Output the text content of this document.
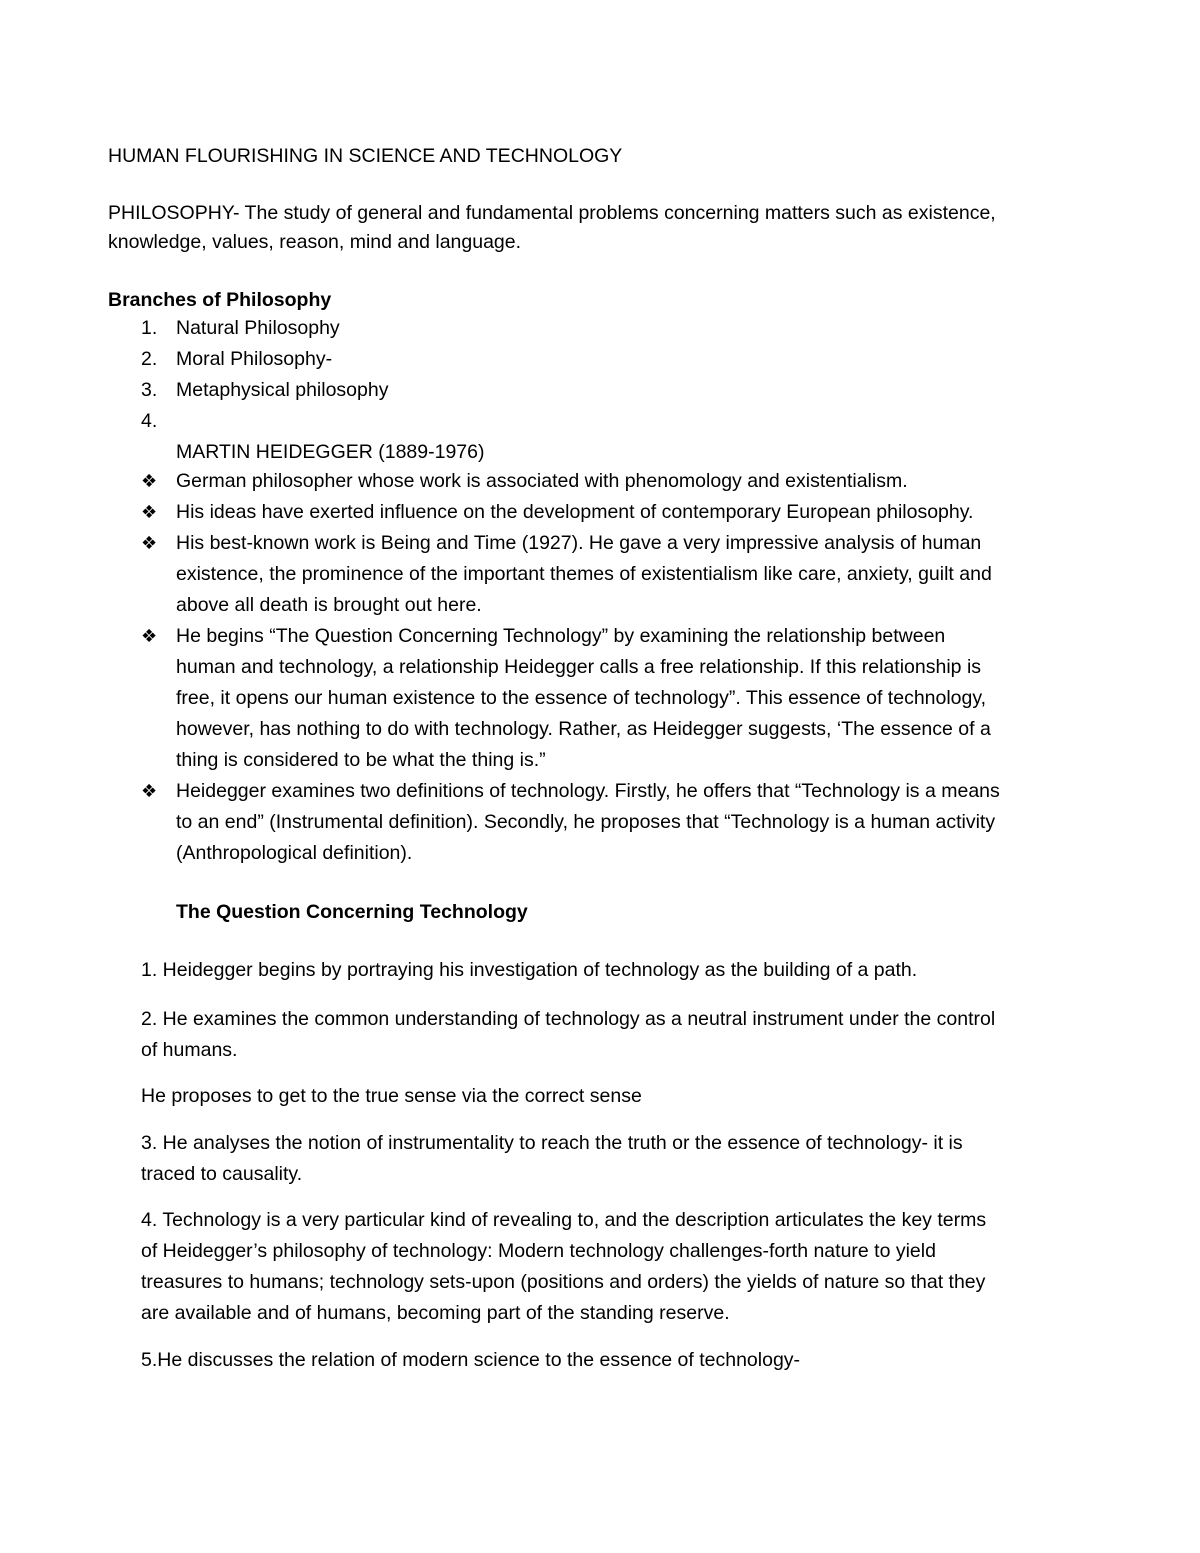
HUMAN FLOURISHING IN SCIENCE AND TECHNOLOGY
PHILOSOPHY- The study of general and fundamental problems concerning matters such as existence,
knowledge, values, reason, mind and language.
Branches of Philosophy
1. Natural Philosophy
2. Moral Philosophy-
3. Metaphysical philosophy
4.
MARTIN HEIDEGGER (1889-1976)
❖ German philosopher whose work is associated with phenomology and existentialism.
❖ His ideas have exerted influence on the development of contemporary European philosophy.
❖ His best-known work is Being and Time (1927). He gave a very impressive analysis of human
existence, the prominence of the important themes of existentialism like care, anxiety, guilt and
above all death is brought out here.
❖ He begins “The Question Concerning Technology” by examining the relationship between
human and technology, a relationship Heidegger calls a free relationship. If this relationship is
free, it opens our human existence to the essence of technology”. This essence of technology,
however, has nothing to do with technology. Rather, as Heidegger suggests, ‘The essence of a
thing is considered to be what the thing is.”
❖ Heidegger examines two definitions of technology. Firstly, he offers that “Technology is a means
to an end” (Instrumental definition). Secondly, he proposes that “Technology is a human activity
(Anthropological definition).
The Question Concerning Technology
1. Heidegger begins by portraying his investigation of technology as the building of a path.
2. He examines the common understanding of technology as a neutral instrument under the control
of humans.
He proposes to get to the true sense via the correct sense
3. He analyses the notion of instrumentality to reach the truth or the essence of technology- it is
traced to causality.
4. Technology is a very particular kind of revealing to, and the description articulates the key terms
of Heidegger’s philosophy of technology: Modern technology challenges-forth nature to yield
treasures to humans; technology sets-upon (positions and orders) the yields of nature so that they
are available and of humans, becoming part of the standing reserve.
5.He discusses the relation of modern science to the essence of technology-
